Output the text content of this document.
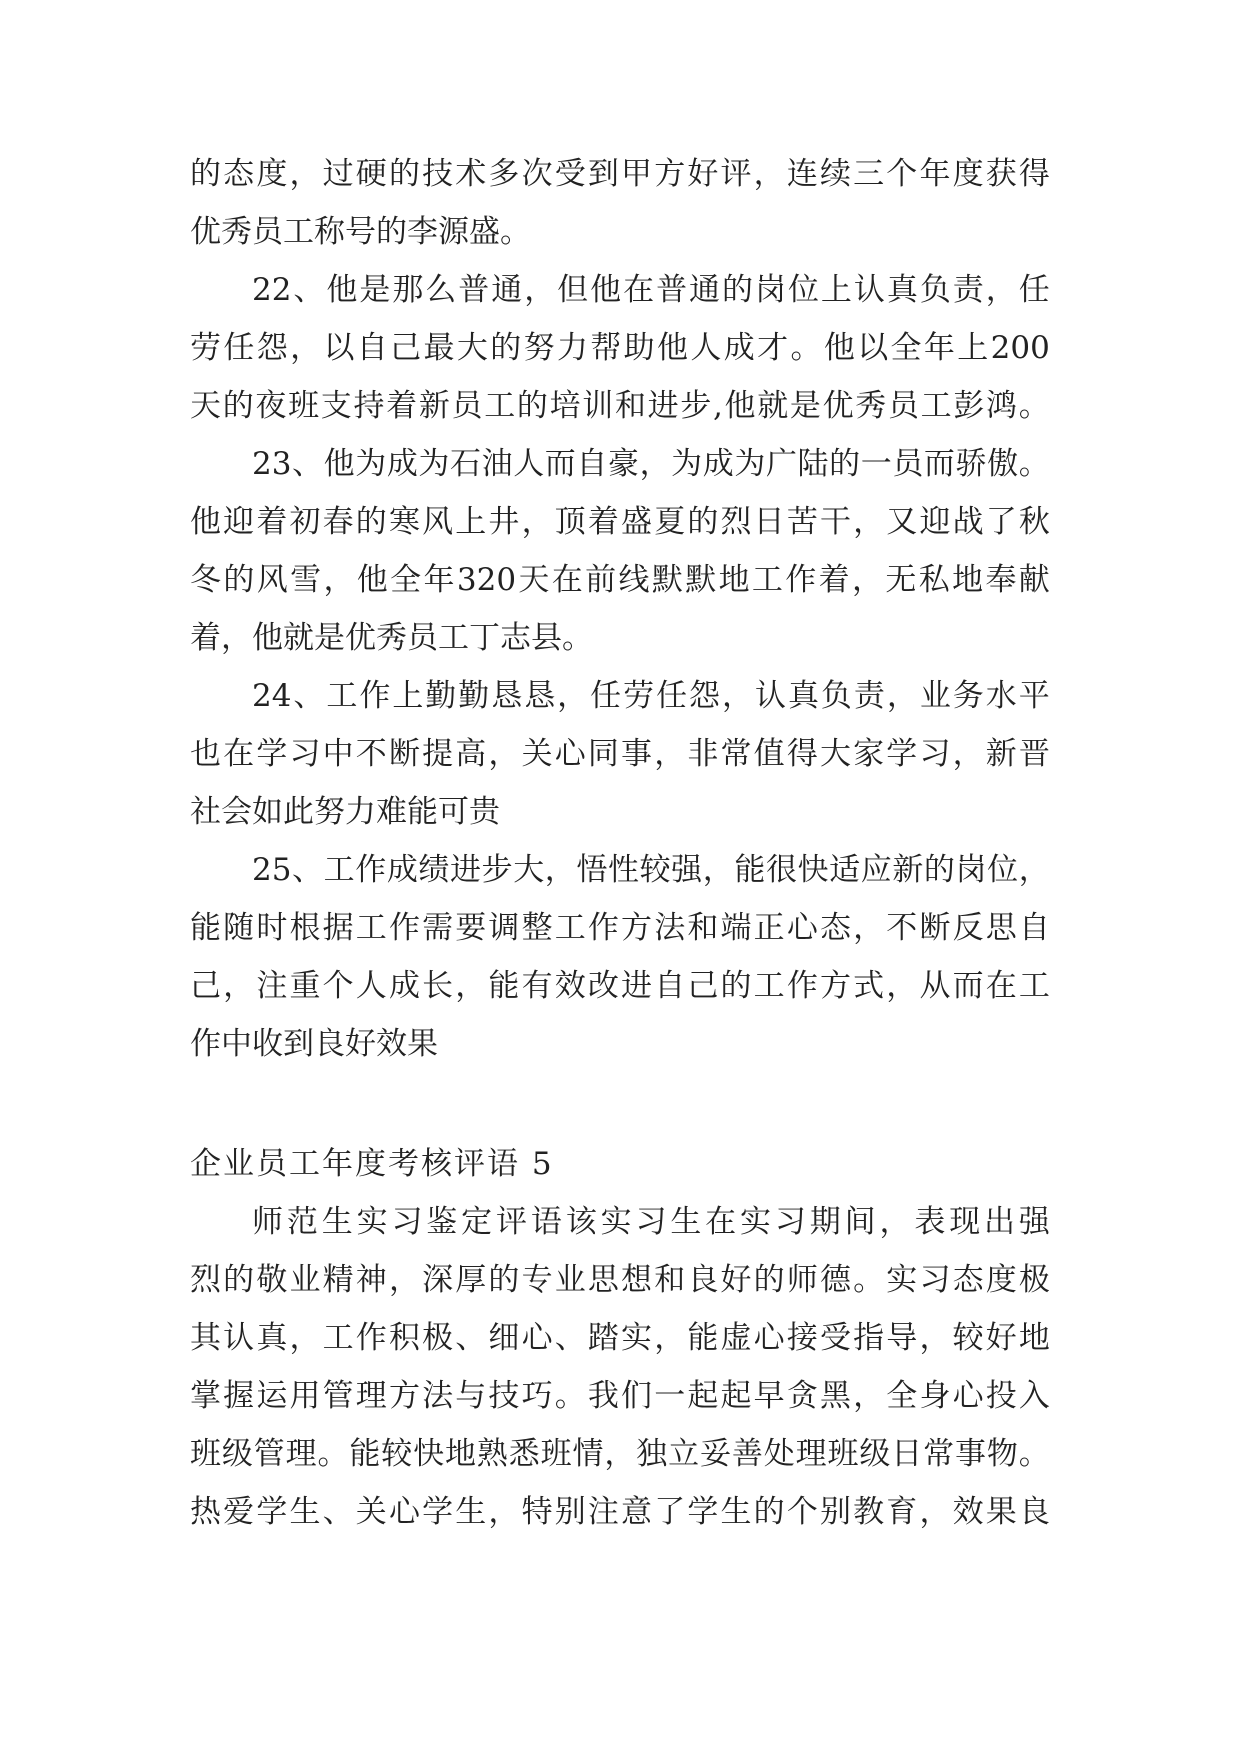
的 态 度 ， 过 硬 的 技 术 多 次 受 到 甲 方 好 评 ， 连 续 三 个 年 度 获 得
优秀员工称号的李源盛。
22 、 他 是 那 么 普 通 ， 但 他 在 普 通 的 岗 位 上 认 真 负 责 ， 任
劳 任 怨 ， 以 自 己 最 大 的 努 力 帮 助 他 人 成 才 。 他 以 全 年 上 200
天 的 夜 班 支 持 着 新 员 工 的 培 训 和 进 步 , 他 就 是 优 秀 员 工 彭 鸿 。
23 、 他 为 成 为 石 油 人 而 自 豪 ， 为 成 为 广 陆 的 一 员 而 骄 傲 。
他 迎 着 初 春 的 寒 风 上 井 ， 顶 着 盛 夏 的 烈 日 苦 干 ， 又 迎 战 了 秋
冬 的 风 雪 ， 他 全 年 320 天 在 前 线 默 默 地 工 作 着 ， 无 私 地 奉 献
着，他就是优秀员工丁志县。
24 、 工 作 上 勤 勤 恳 恳 ， 任 劳 任 怨 ， 认 真 负 责 ， 业 务 水 平
也 在 学 习 中 不 断 提 高 ， 关 心 同 事 ， 非 常 值 得 大 家 学 习 ， 新 晋
社会如此努力难能可贵
25 、 工 作 成 绩 进 步 大 ， 悟 性 较 强 ， 能 很 快 适 应 新 的 岗 位 ，
能 随 时 根 据 工 作 需 要 调 整 工 作 方 法 和 端 正 心 态 ， 不 断 反 思 自
己 ， 注 重 个 人 成 长 ， 能 有 效 改 进 自 己 的 工 作 方 式 ， 从 而 在 工
作中收到良好效果
企业员工年度考核评语 5
师 范 生 实 习 鉴 定 评 语 该 实 习 生 在 实 习 期 间 ， 表 现 出 强
烈 的 敬 业 精 神 ， 深 厚 的 专 业 思 想 和 良 好 的 师 德 。 实 习 态 度 极
其 认 真 ， 工 作 积 极 、 细 心 、 踏 实 ， 能 虚 心 接 受 指 导 ， 较 好 地
掌 握 运 用 管 理 方 法 与 技 巧 。 我 们 一 起 起 早 贪 黑 ， 全 身 心 投 入
班 级 管 理 。 能 较 快 地 熟 悉 班 情 ， 独 立 妥 善 处 理 班 级 日 常 事 物 。
热 爱 学 生 、 关 心 学 生 ， 特 别 注 意 了 学 生 的 个 别 教 育 ， 效 果 良
